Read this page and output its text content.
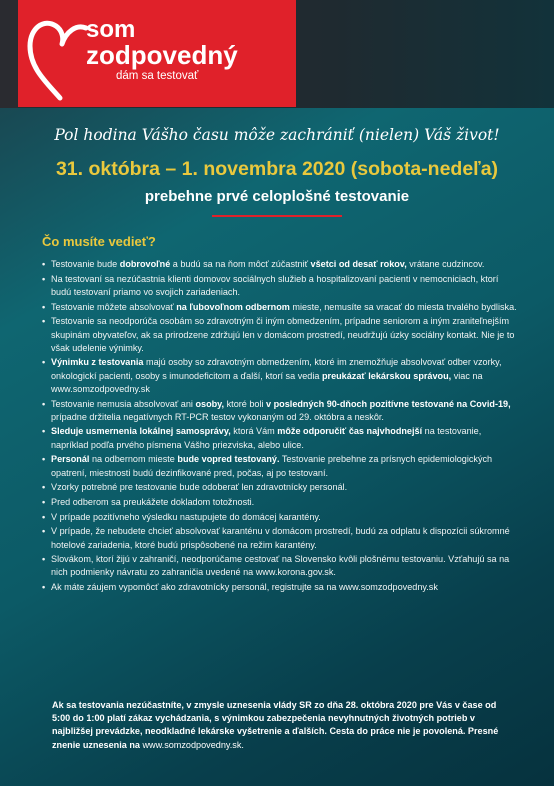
som
zodpovedný
dám sa testovať
Pol hodina Vášho času môže zachrániť (nielen) Váš život!
31. októbra – 1. novembra 2020 (sobota-nedeľa)
prebehne prvé celoplošné testovanie
Čo musíte vedieť?
• Testovanie bude dobrovoľné a budú sa na ňom môcť zúčastniť všetci od desať rokov, vrátane cudzincov.
• Na testovaní sa nezúčastnia klienti domovov sociálnych služieb a hospitalizovaní pacienti v nemocniciach, ktorí budú testovaní priamo vo svojich zariadeniach.
• Testovanie môžete absolvovať na ľubovoľnom odbernom mieste, nemusíte sa vracať do miesta trvalého bydliska.
• Testovanie sa neodporúča osobám so zdravotným či iným obmedzením, prípadne seniorom a iným zraniteľnejším skupinám obyvateľov, ak sa prirodzene zdržujú len v domácom prostredí, neudržujú úzky sociálny kontakt. Nie je to však udelenie výnimky.
• Výnimku z testovania majú osoby so zdravotným obmedzením, ktoré im znemožňuje absolvovať odber vzorky, onkologickí pacienti, osoby s imunodeficitom a ďalší, ktorí sa vedia preukázať lekárskou správou, viac na www.somzodpovedny.sk
• Testovanie nemusia absolvovať ani osoby, ktoré boli v posledných 90-dňoch pozitívne testované na Covid-19, prípadne držitelia negatívnych RT-PCR testov vykonaným od 29. októbra a neskôr.
• Sleduje usmernenia lokálnej samosprávy, ktorá Vám môže odporučiť čas najvhodnejší na testovanie, napríklad podľa prvého písmena Vášho priezviska, alebo ulice.
• Personál na odbernom mieste bude vopred testovaný. Testovanie prebehne za prísnych epidemiologických opatrení, miestnosti budú dezinfikované pred, počas, aj po testovaní.
• Vzorky potrebné pre testovanie bude odoberať len zdravotnícky personál.
• Pred odberom sa preukážete dokladom totožnosti.
• V prípade pozitívneho výsledku nastupujete do domácej karantény.
• V prípade, že nebudete chcieť absolvovať karanténu v domácom prostredí, budú za odplatu k dispozícii súkromné hotelové zariadenia, ktoré budú prispôsobené na režim karantény.
• Slovákom, ktorí žijú v zahraničí, neodporúčame cestovať na Slovensko kvôli plošnému testovaniu. Vzťahujú sa na nich podmienky návratu zo zahraničia uvedené na www.korona.gov.sk.
• Ak máte záujem vypomôcť ako zdravotnícky personál, registrujte sa na www.somzodpovedny.sk
Ak sa testovania nezúčastníte, v zmysle uznesenia vlády SR zo dňa 28. októbra 2020 pre Vás v čase od 5:00 do 1:00 platí zákaz vychádzania, s výnimkou zabezpečenia nevyhnutných životných potrieb v najbližšej prevádzke, neodkladné lekárske vyšetrenie a ďalších. Cesta do práce nie je povolená. Presné znenie uznesenia na www.somzodpovedny.sk.
